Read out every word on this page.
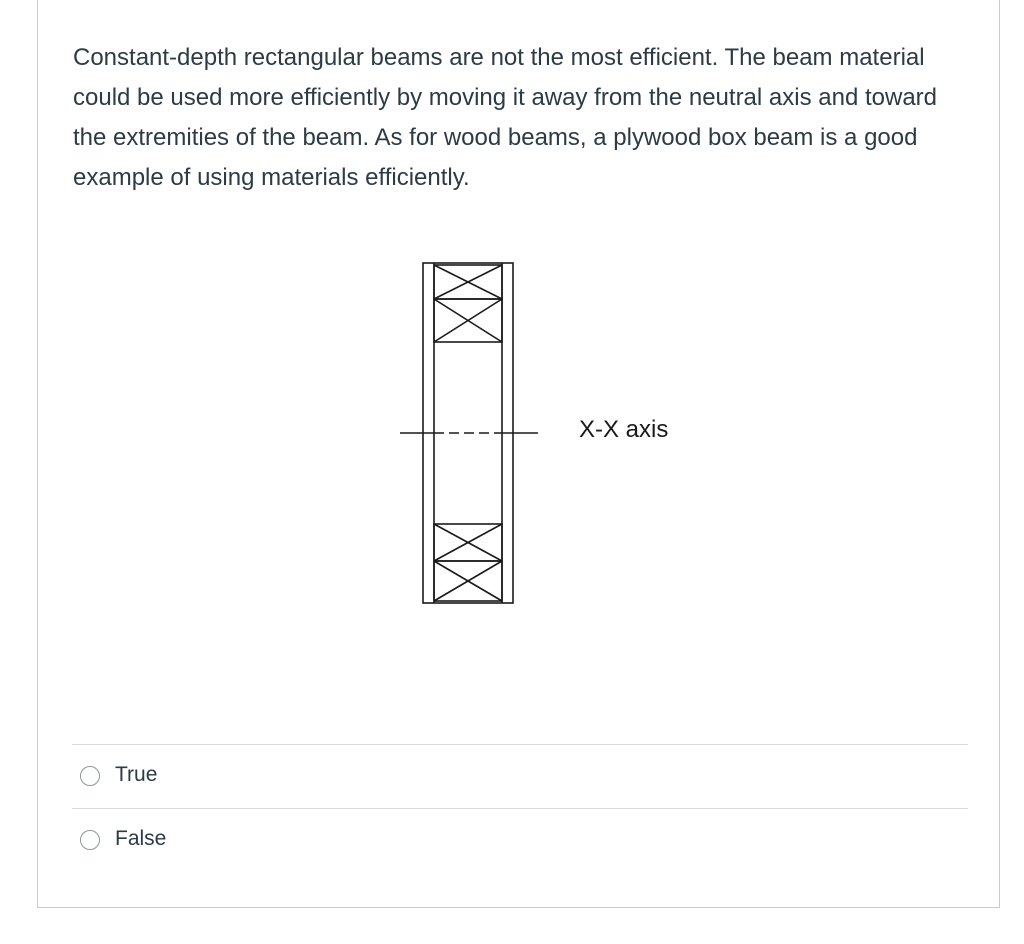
Constant-depth rectangular beams are not the most efficient. The beam material could be used more efficiently by moving it away from the neutral axis and toward the extremities of the beam. As for wood beams, a plywood box beam is a good example of using materials efficiently.

X-X axis

True
False
